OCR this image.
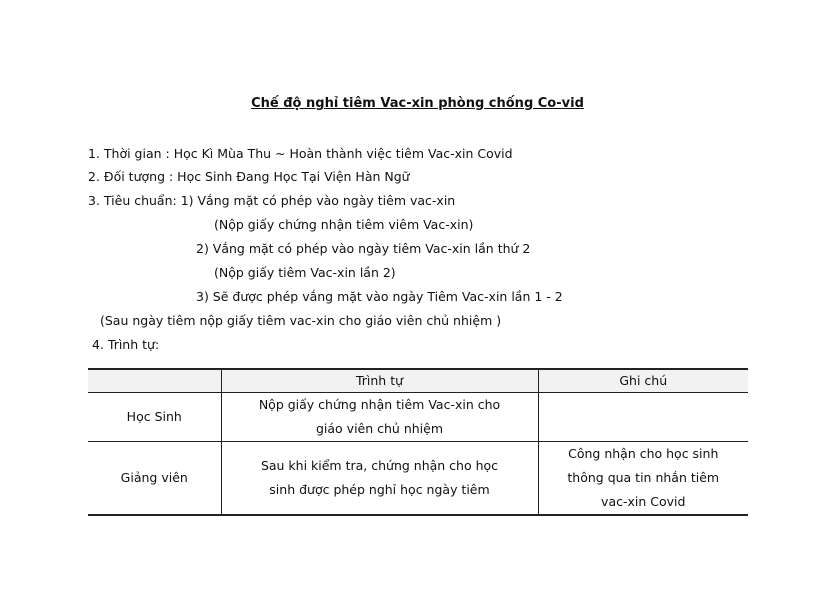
Chế độ nghỉ tiêm Vac-xin phòng chống Co-vid
1. Thời gian : Học Kì Mùa Thu ~ Hoàn thành việc tiêm Vac-xin Covid
2. Đối tượng : Học Sinh Đang Học Tại Viện Hàn Ngữ
3. Tiêu chuẩn: 1) Vắng mặt có phép vào ngày tiêm vac-xin
(Nộp giấy chứng nhận tiêm viêm Vac-xin)
2) Vắng mặt có phép vào ngày tiêm Vac-xin lần thứ 2
(Nộp giấy tiêm Vac-xin lần 2)
3) Sẽ được phép vắng mặt vào ngày Tiêm Vac-xin lần 1 - 2
(Sau ngày tiêm nộp giấy tiêm vac-xin cho giáo viên chủ nhiệm )
4. Trình tự:
	Trình tự	Ghi chú

Học Sinh	Nộp giấy chứng nhận tiêm Vac-xin cho
giáo viên chủ nhiệm	

Giảng viên	Sau khi kiểm tra, chứng nhận cho học
sinh được phép nghỉ học ngày tiêm	Công nhận cho học sinh
thông qua tin nhắn tiêm
vac-xin Covid
